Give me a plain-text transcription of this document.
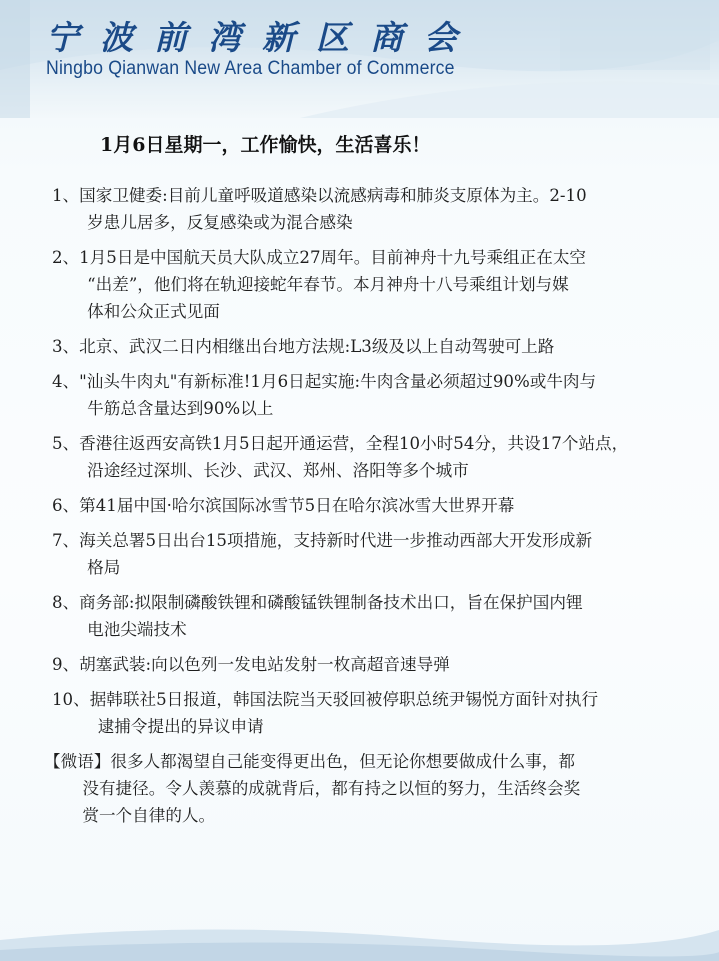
宁波前湾新区商会
Ningbo Qianwan New Area Chamber of Commerce
1月6日星期一，工作愉快，生活喜乐！
1、 国家卫健委:目前儿童呼吸道感染以流感病毒和肺炎支原体为主。2-10
岁患儿居多，反复感染或为混合感染
2、 1月5日是中国航天员大队成立27周年。目前神舟十九号乘组正在太空
“出差”，他们将在轨迎接蛇年春节。本月神舟十八号乘组计划与媒
体和公众正式见面
3、 北京、武汉二日内相继出台地方法规:L3级及以上自动驾驶可上路
4、 "汕头牛肉丸"有新标准!1月6日起实施:牛肉含量必须超过90%或牛肉与
牛筋总含量达到90%以上
5、 香港往返西安高铁1月5日起开通运营，全程10小时54分，共设17个站点，
沿途经过深圳、长沙、武汉、郑州、洛阳等多个城市
6、 第41届中国·哈尔滨国际冰雪节5日在哈尔滨冰雪大世界开幕
7、 海关总署5日出台15项措施，支持新时代进一步推动西部大开发形成新
格局
8、 商务部:拟限制磷酸铁锂和磷酸锰铁锂制备技术出口，旨在保护国内锂
电池尖端技术
9、 胡塞武装:向以色列一发电站发射一枚高超音速导弹
10、 据韩联社5日报道，韩国法院当天驳回被停职总统尹锡悦方面针对执行
逮捕令提出的异议申请
【微语】 很多人都渴望自己能变得更出色，但无论你想要做成什么事，都
没有捷径。令人羡慕的成就背后，都有持之以恒的努力，生活终会奖
赏一个自律的人。
